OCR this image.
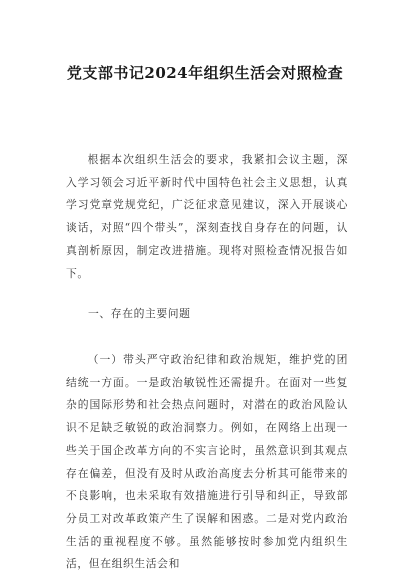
党支部书记2024年组织生活会对照检查

根据本次组织生活会的要求，我紧扣会议主题，深入学习领会习近平新时代中国特色社会主义思想，认真学习党章党规党纪，广泛征求意见建议，深入开展谈心谈话，对照“四个带头”，深刻查找自身存在的问题，认真剖析原因，制定改进措施。现将对照检查情况报告如下。

一、存在的主要问题

（一）带头严守政治纪律和政治规矩，维护党的团结统一方面。一是政治敏锐性还需提升。在面对一些复杂的国际形势和社会热点问题时，对潜在的政治风险认识不足缺乏敏锐的政治洞察力。例如，在网络上出现一些关于国企改革方向的不实言论时，虽然意识到其观点存在偏差，但没有及时从政治高度去分析其可能带来的不良影响，也未采取有效措施进行引导和纠正，导致部分员工对改革政策产生了误解和困惑。二是对党内政治生活的重视程度不够。虽然能够按时参加党内组织生活，但在组织生活会和
